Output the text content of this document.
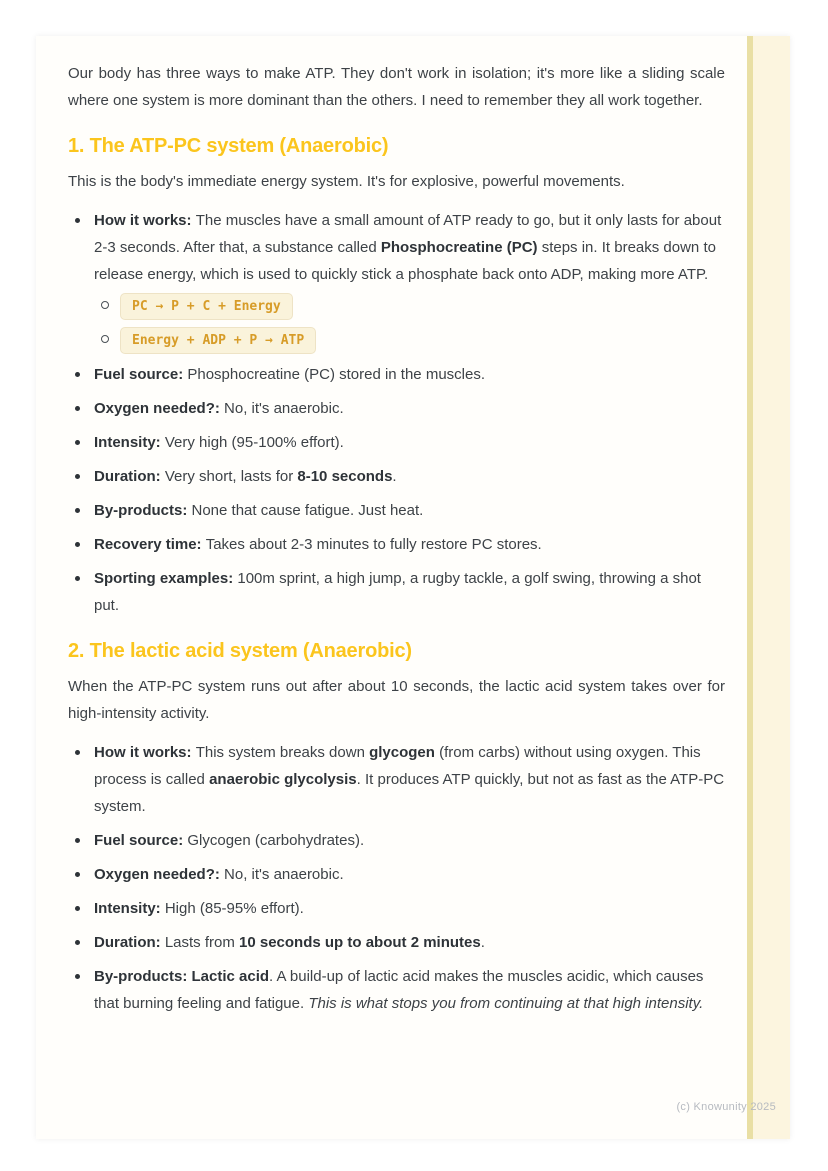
Our body has three ways to make ATP. They don't work in isolation; it's more like a sliding scale where one system is more dominant than the others. I need to remember they all work together.

1. The ATP-PC system (Anaerobic)

This is the body's immediate energy system. It's for explosive, powerful movements.

How it works: The muscles have a small amount of ATP ready to go, but it only lasts for about 2-3 seconds. After that, a substance called Phosphocreatine (PC) steps in. It breaks down to release energy, which is used to quickly stick a phosphate back onto ADP, making more ATP.
PC → P + C + Energy
Energy + ADP + P → ATP
Fuel source: Phosphocreatine (PC) stored in the muscles.
Oxygen needed?: No, it's anaerobic.
Intensity: Very high (95-100% effort).
Duration: Very short, lasts for 8-10 seconds.
By-products: None that cause fatigue. Just heat.
Recovery time: Takes about 2-3 minutes to fully restore PC stores.
Sporting examples: 100m sprint, a high jump, a rugby tackle, a golf swing, throwing a shot put.
2. The lactic acid system (Anaerobic)

When the ATP-PC system runs out after about 10 seconds, the lactic acid system takes over for high-intensity activity.

How it works: This system breaks down glycogen (from carbs) without using oxygen. This process is called anaerobic glycolysis. It produces ATP quickly, but not as fast as the ATP-PC system.
Fuel source: Glycogen (carbohydrates).
Oxygen needed?: No, it's anaerobic.
Intensity: High (85-95% effort).
Duration: Lasts from 10 seconds up to about 2 minutes.
By-products: Lactic acid. A build-up of lactic acid makes the muscles acidic, which causes that burning feeling and fatigue. This is what stops you from continuing at that high intensity.
(c) Knowunity 2025
